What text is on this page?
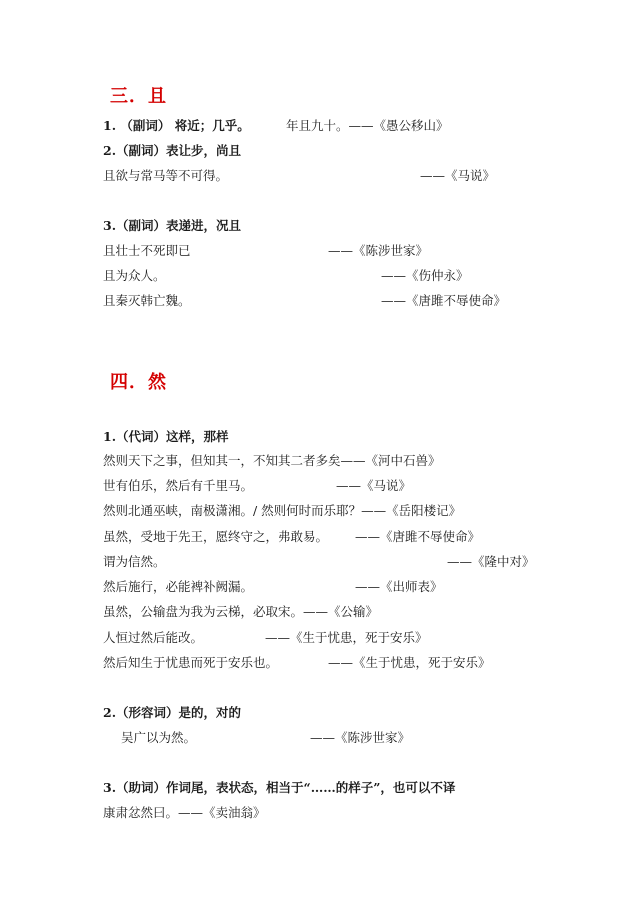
三．且
1. （副词） 将近；几乎。	年且九十。——《愚公移山》
2.（副词）表让步，尚且
且欲与常马等不可得。	——《马说》
3.（副词）表递进，况且
且壮士不死即已	——《陈涉世家》
且为众人。	——《伤仲永》
且秦灭韩亡魏。	——《唐雎不辱使命》
四．然
1.（代词）这样，那样
然则天下之事，但知其一，不知其二者多矣——《河中石兽》
世有伯乐，然后有千里马。	——《马说》
然则北通巫峡，南极潇湘。/ 然则何时而乐耶？——《岳阳楼记》
虽然，受地于先王，愿终守之，弗敢易。 ——《唐雎不辱使命》
谓为信然。	——《隆中对》
然后施行，必能裨补阙漏。	——《出师表》
虽然，公输盘为我为云梯，必取宋。——《公输》
人恒过然后能改。	——《生于忧患，死于安乐》
然后知生于忧患而死于安乐也。	——《生于忧患，死于安乐》
2.（形容词）是的，对的
吴广以为然。	——《陈涉世家》
3.（助词）作词尾，表状态，相当于“……的样子”，也可以不译
康肃忿然曰。——《卖油翁》
